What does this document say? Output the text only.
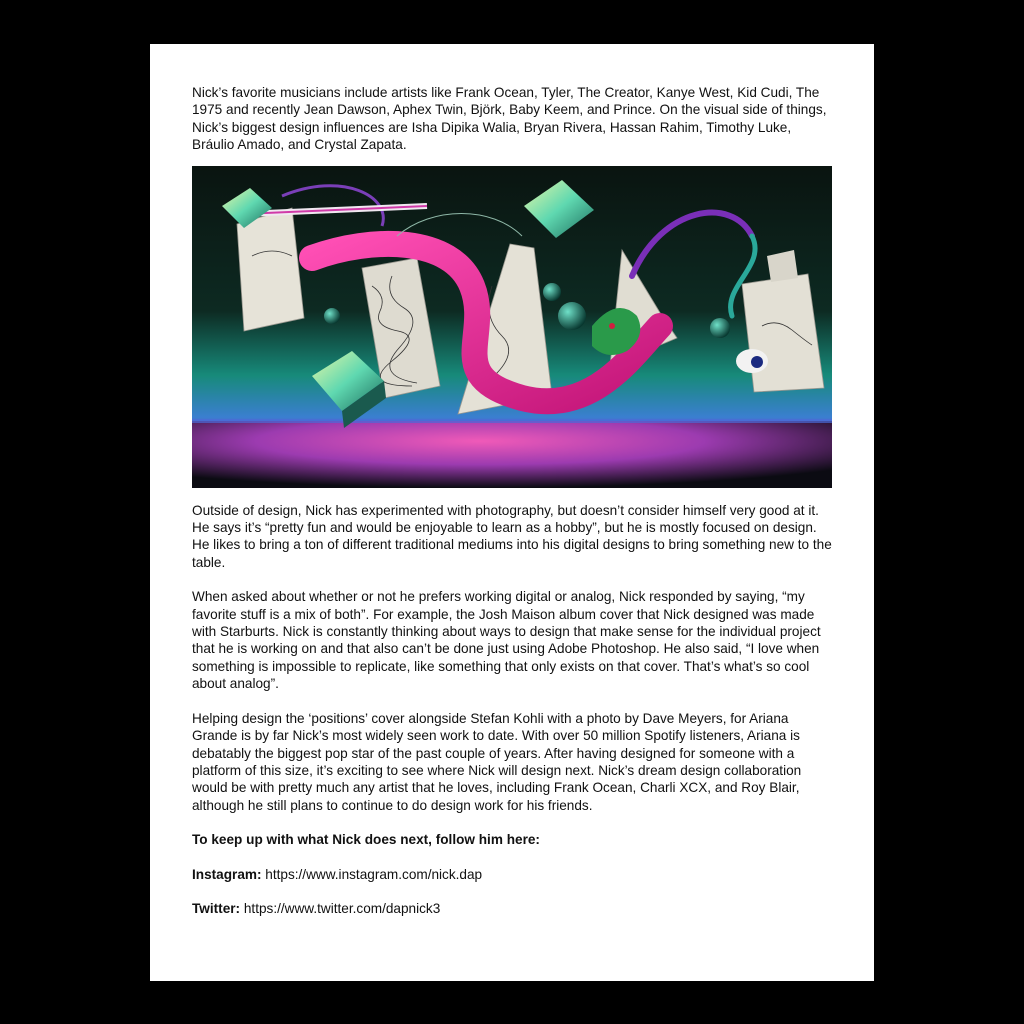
Nick’s favorite musicians include artists like Frank Ocean, Tyler, The Creator, Kanye West, Kid Cudi, The 1975 and recently Jean Dawson, Aphex Twin, Björk, Baby Keem, and Prince. On the visual side of things, Nick’s biggest design influences are Isha Dipika Walia, Bryan Rivera, Hassan Rahim, Timothy Luke, Bráulio Amado, and Crystal Zapata.

Outside of design, Nick has experimented with photography, but doesn’t consider himself very good at it. He says it’s “pretty fun and would be enjoyable to learn as a hobby”, but he is mostly focused on design. He likes to bring a ton of different traditional mediums into his digital designs to bring something new to the table.

When asked about whether or not he prefers working digital or analog, Nick responded by saying, “my favorite stuff is a mix of both”. For example, the Josh Maison album cover that Nick designed was made with Starburts. Nick is constantly thinking about ways to design that make sense for the individual project that he is working on and that also can’t be done just using Adobe Photoshop. He also said, “I love when something is impossible to replicate, like something that only exists on that cover. That’s what’s so cool about analog”.

Helping design the ‘positions’ cover alongside Stefan Kohli with a photo by Dave Meyers, for Ariana Grande is by far Nick’s most widely seen work to date. With over 50 million Spotify listeners, Ariana is debatably the biggest pop star of the past couple of years. After having designed for someone with a platform of this size, it’s exciting to see where Nick will design next. Nick’s dream design collaboration would be with pretty much any artist that he loves, including Frank Ocean, Charli XCX, and Roy Blair, although he still plans to continue to do design work for his friends.

To keep up with what Nick does next, follow him here:

Instagram: https://www.instagram.com/nick.dap

Twitter: https://www.twitter.com/dapnick3
